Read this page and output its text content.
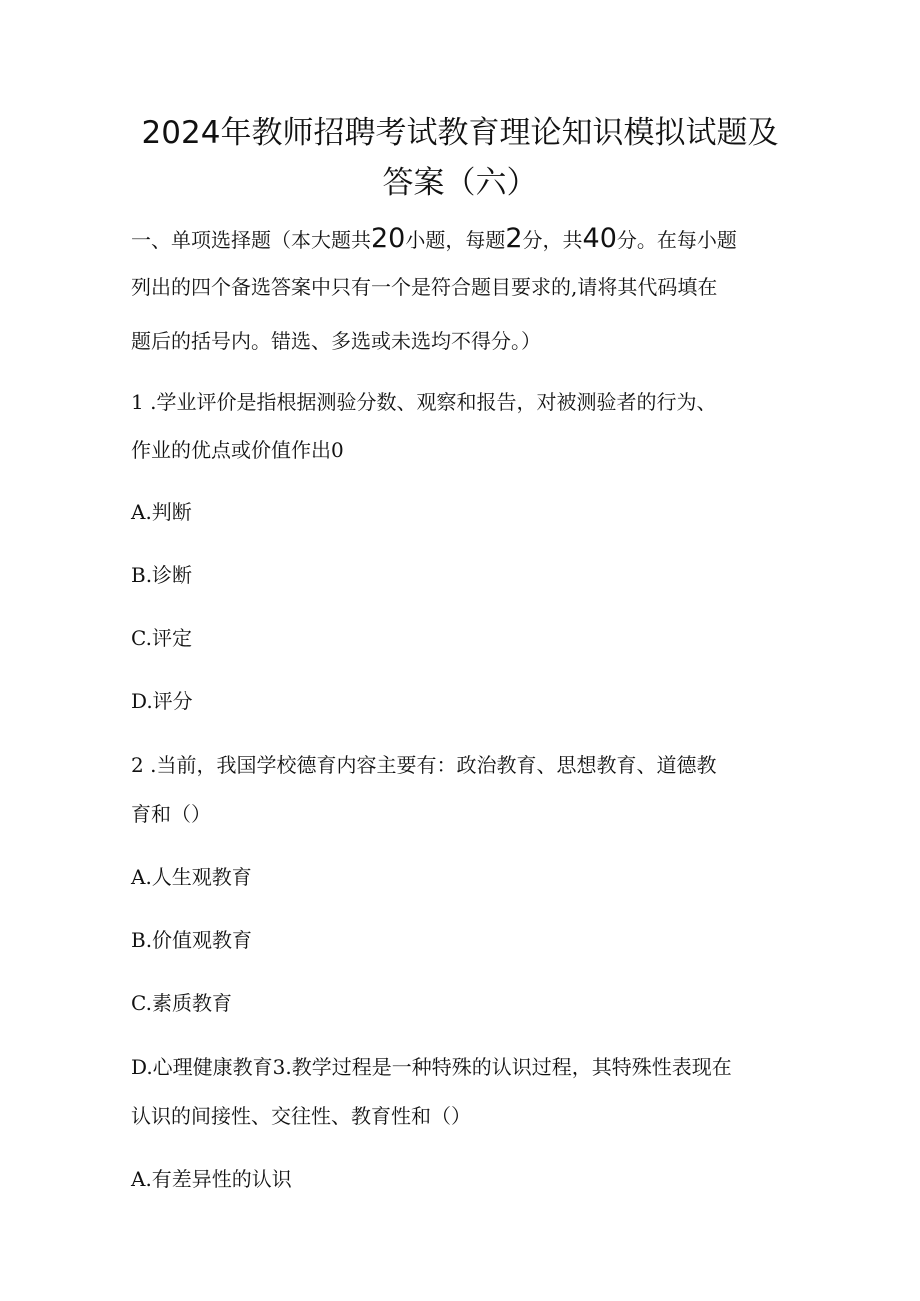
2024年教师招聘考试教育理论知识模拟试题及
答案（六）

一、单项选择题（本大题共20小题，每题2分，共40分。在每小题

列出的四个备选答案中只有一个是符合题目要求的,请将其代码填在

题后的括号内。错选、多选或未选均不得分。）

1 .学业评价是指根据测验分数、观察和报告，对被测验者的行为、

作业的优点或价值作出0

A.判断

B.诊断

C.评定

D.评分

2 .当前，我国学校德育内容主要有：政治教育、思想教育、道德教

育和（）

A.人生观教育

B.价值观教育

C.素质教育

D.心理健康教育3.教学过程是一种特殊的认识过程，其特殊性表现在

认识的间接性、交往性、教育性和（）

A.有差异性的认识
